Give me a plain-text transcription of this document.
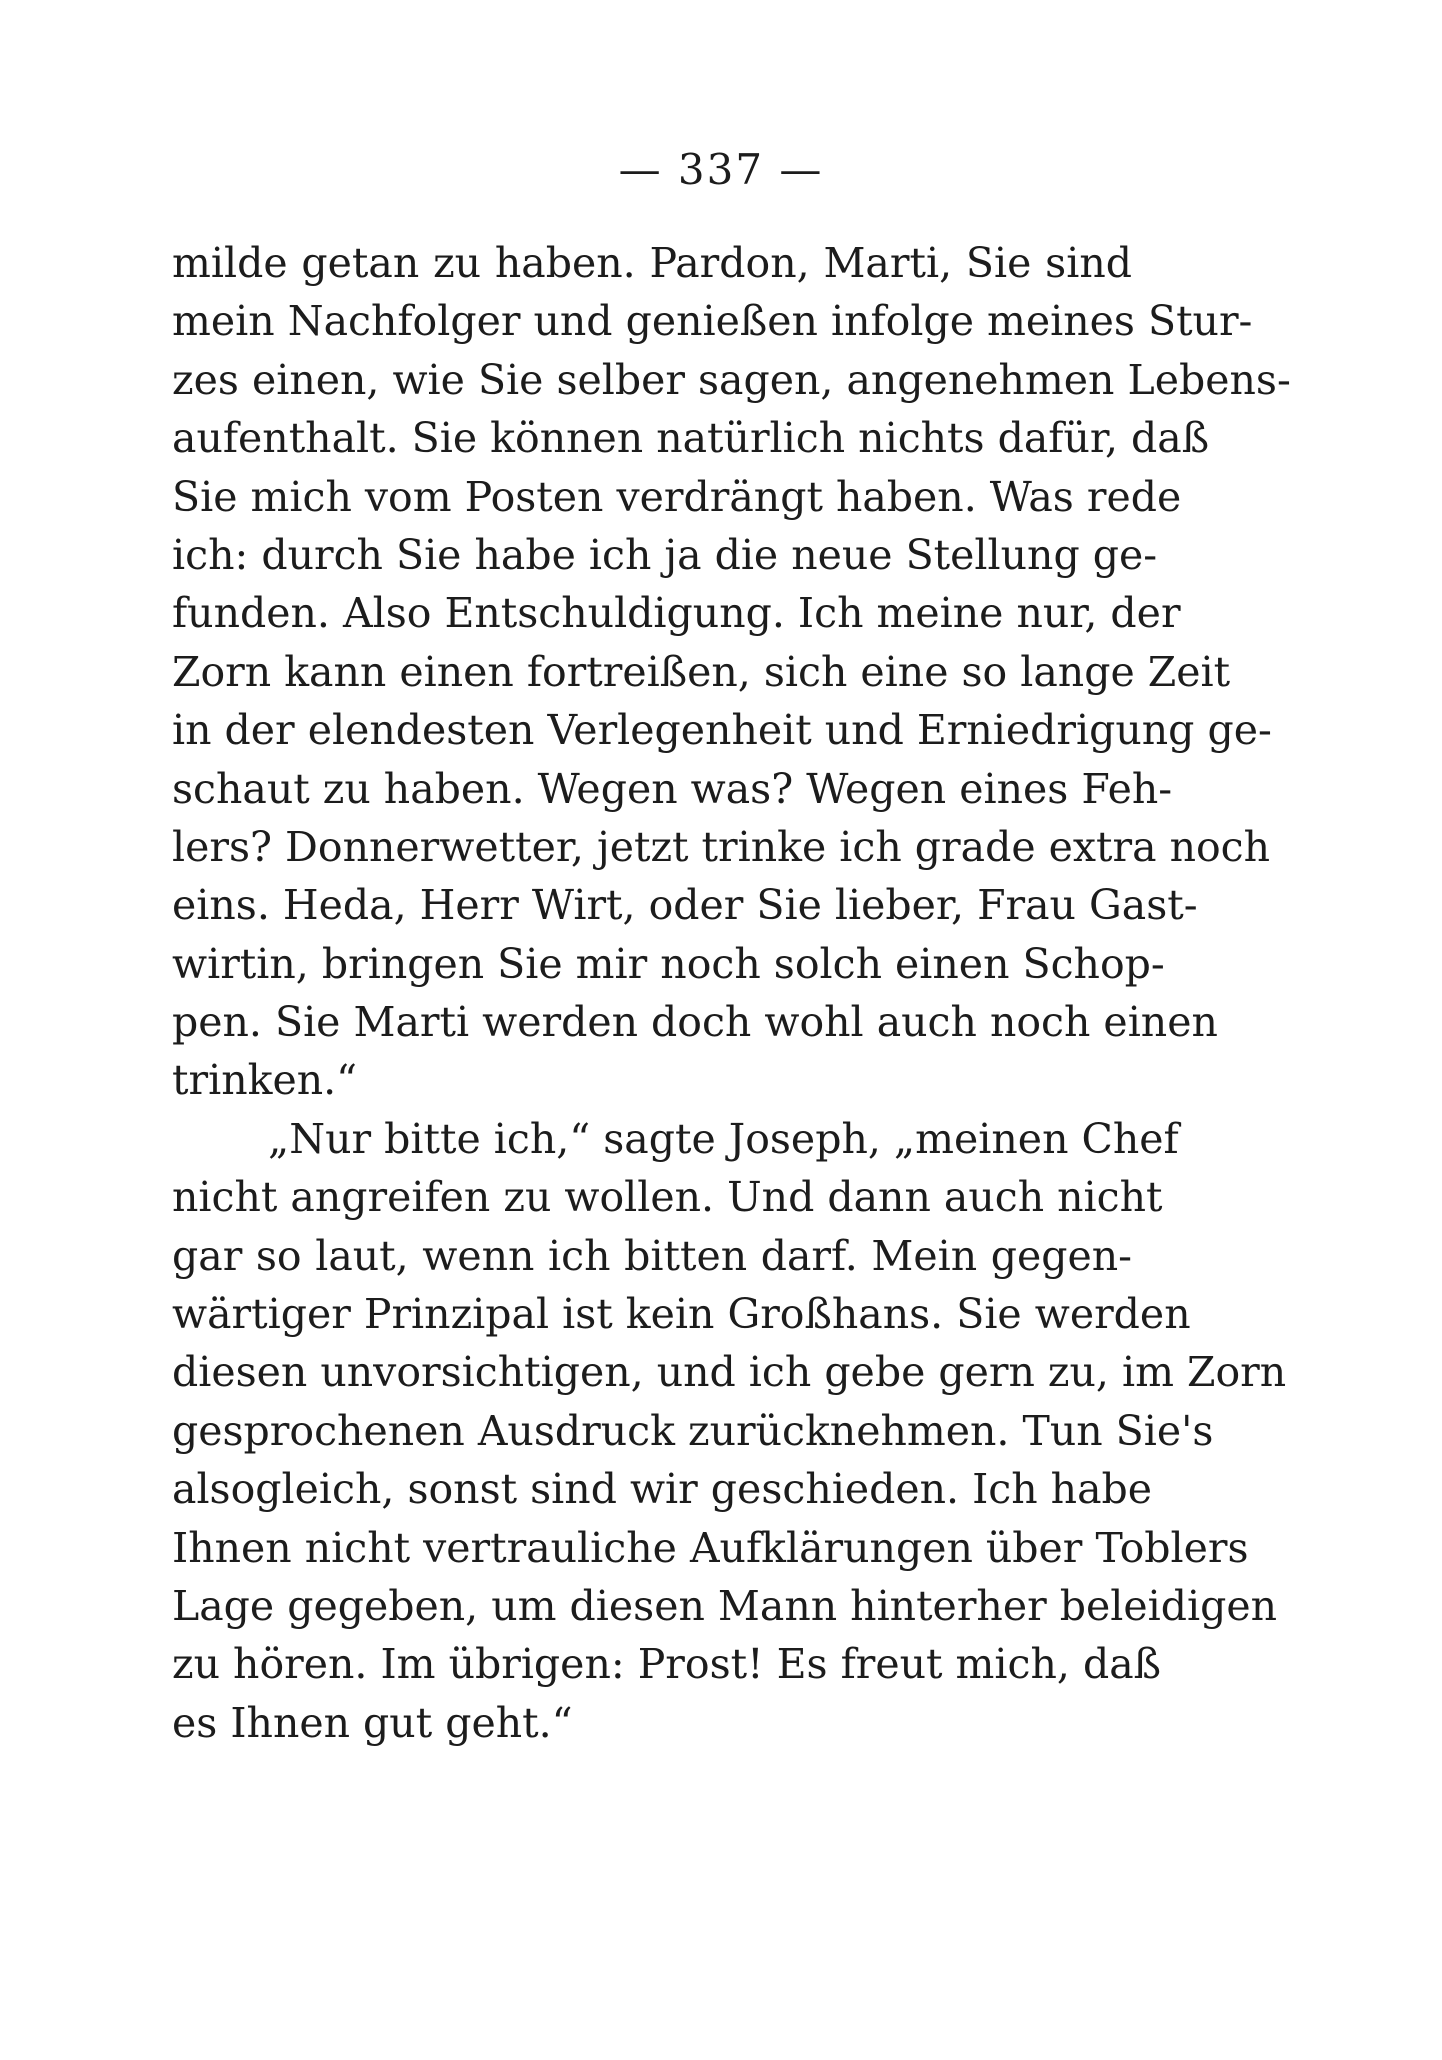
— 337 —
milde getan zu haben. Pardon, Marti, Sie sind
mein Nachfolger und genießen infolge meines Stur-
zes einen, wie Sie selber sagen, angenehmen Lebens-
aufenthalt. Sie können natürlich nichts dafür, daß
Sie mich vom Posten verdrängt haben. Was rede
ich: durch Sie habe ich ja die neue Stellung ge-
funden. Also Entschuldigung. Ich meine nur, der
Zorn kann einen fortreißen, sich eine so lange Zeit
in der elendesten Verlegenheit und Erniedrigung ge-
schaut zu haben. Wegen was? Wegen eines Feh-
lers? Donnerwetter, jetzt trinke ich grade extra noch
eins. Heda, Herr Wirt, oder Sie lieber, Frau Gast-
wirtin, bringen Sie mir noch solch einen Schop-
pen. Sie Marti werden doch wohl auch noch einen
trinken.“
„Nur bitte ich,“ sagte Joseph, „meinen Chef
nicht angreifen zu wollen. Und dann auch nicht
gar so laut, wenn ich bitten darf. Mein gegen-
wärtiger Prinzipal ist kein Großhans. Sie werden
diesen unvorsichtigen, und ich gebe gern zu, im Zorn
gesprochenen Ausdruck zurücknehmen. Tun Sie's
alsogleich, sonst sind wir geschieden. Ich habe
Ihnen nicht vertrauliche Aufklärungen über Toblers
Lage gegeben, um diesen Mann hinterher beleidigen
zu hören. Im übrigen: Prost! Es freut mich, daß
es Ihnen gut geht.“
